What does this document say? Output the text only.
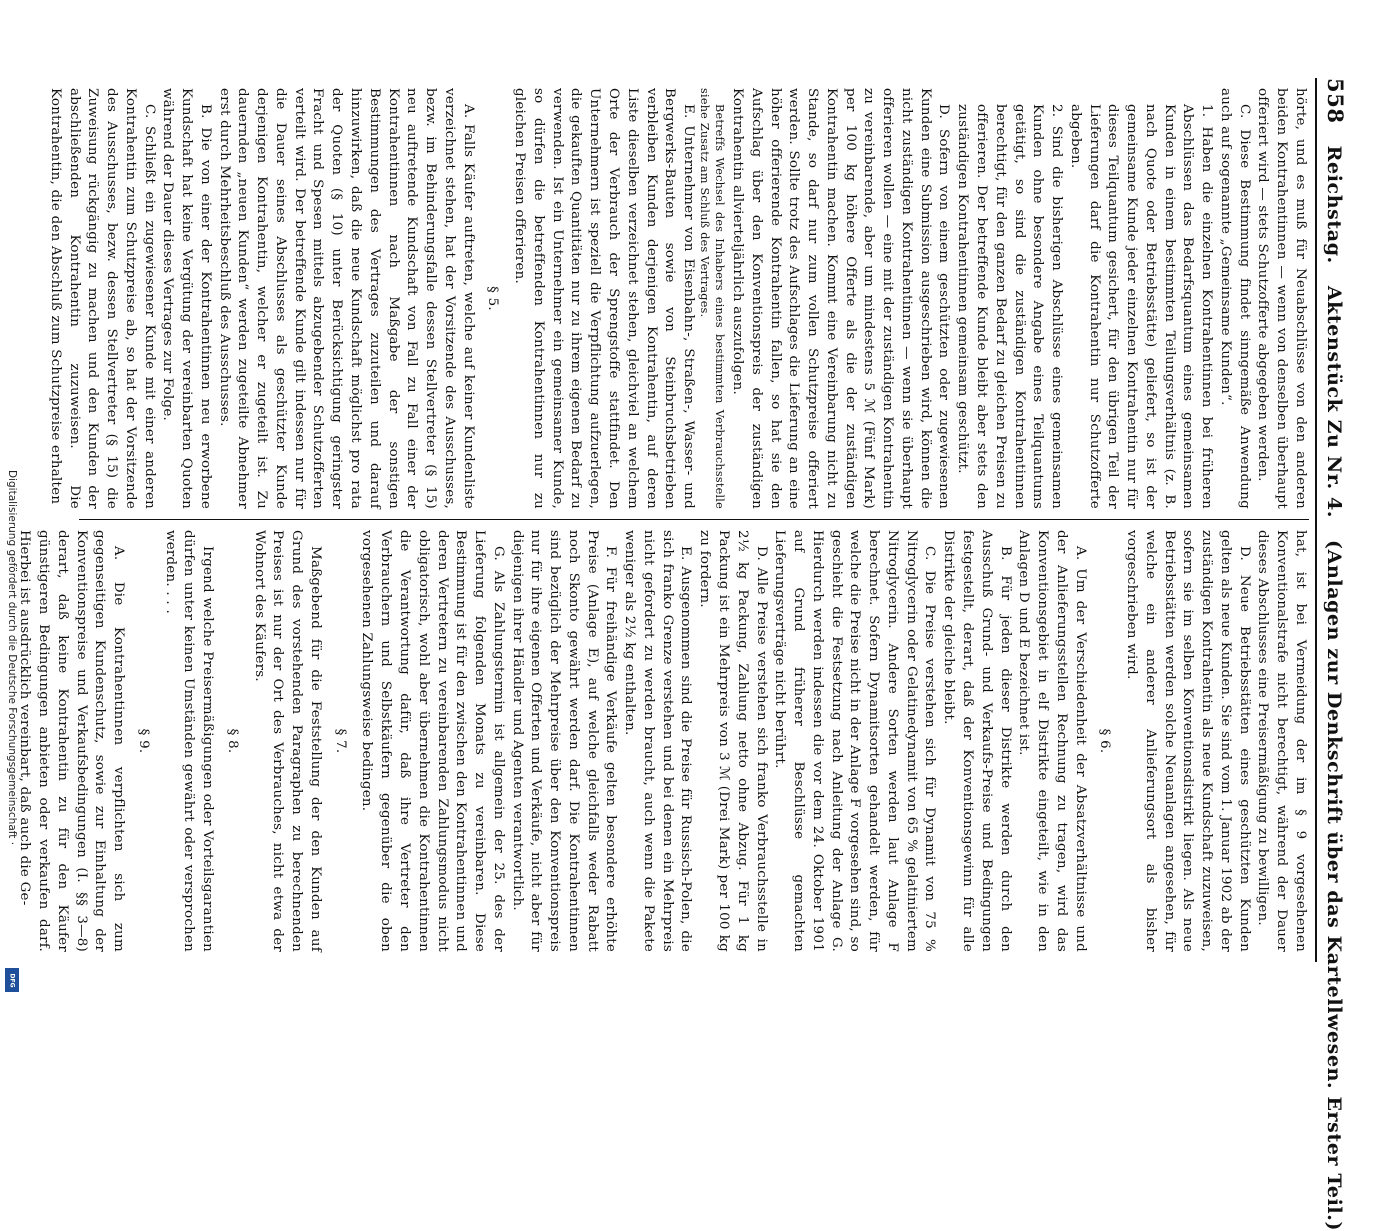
558
Reichstag.
Aktenstück Zu Nr. 4.
(Anlagen zur Denkschrift über das Kartellwesen. Erster Teil.)

hörte, und es muß für Neuabschlüsse von den anderen beiden Kontrahentinnen — wenn von denselben überhaupt offeriert wird — stets Schutzofferte abgegeben werden.

C. Diese Bestimmung findet sinngemäße Anwendung auch auf sogenannte „Gemeinsame Kunden“.

1. Haben die einzelnen Kontrahentinnen bei früheren Abschlüssen das Bedarfsquantum eines gemeinsamen Kunden in einem bestimmten Teilungsverhältnis (z. B. nach Quote oder Betriebsstätte) geliefert, so ist der gemeinsame Kunde jeder einzelnen Kontrahentin nur für dieses Teilquantum gesichert, für den übrigen Teil der Lieferungen darf die Kontrahentin nur Schutzofferte abgeben.

2. Sind die bisherigen Abschlüsse eines gemeinsamen Kunden ohne besondere Angabe eines Teilquantums getätigt, so sind die zuständigen Kontrahentinnen berechtigt, für den ganzen Bedarf zu gleichen Preisen zu offerieren. Der betreffende Kunde bleibt aber stets den zuständigen Kontrahentinnen gemeinsam geschützt.

D. Sofern von einem geschützten oder zugewiesenen Kunden eine Submission ausgeschrieben wird, können die nicht zuständigen Kontrahentinnen — wenn sie überhaupt offerieren wollen — eine mit der zuständigen Kontrahentin zu vereinbarende, aber um mindestens 5 ℳ (Fünf Mark) per 100 kg höhere Offerte als die der zuständigen Kontrahentin machen. Kommt eine Vereinbarung nicht zu Stande, so darf nur zum vollen Schutzpreise offeriert werden. Sollte trotz des Aufschlages die Lieferung an eine höher offerierende Kontrahentin fallen, so hat sie den Aufschlag über den Konventionspreis der zuständigen Kontrahentin allvierteljährlich auszufolgen.

Betreffs Wechsel des Inhabers eines bestimmten Verbrauchsstelle siehe Zusatz am Schluß des Vertrages.

E. Unternehmer von Eisenbahn-, Straßen-, Wasser- und Bergwerks-Bauten sowie von Steinbruchsbetrieben verbleiben Kunden derjenigen Kontrahentin, auf deren Liste dieselben verzeichnet stehen, gleichviel an welchem Orte der Verbrauch der Sprengstoffe stattfindet. Den Unternehmern ist speziell die Verpflichtung aufzuerlegen, die gekauften Quantitäten nur zu ihrem eigenen Bedarf zu verwenden. Ist ein Unternehmer ein gemeinsamer Kunde, so dürfen die betreffenden Kontrahentinnen nur zu gleichen Preisen offerieren.

§ 5.

A. Falls Käufer auftreten, welche auf keiner Kundenliste verzeichnet stehen, hat der Vorsitzende des Ausschusses, bezw. im Behinderungsfalle dessen Stellvertreter (§ 15) neu auftretende Kundschaft von Fall zu Fall einer der Kontrahentinnen nach Maßgabe der sonstigen Bestimmungen des Vertrages zuzuteilen und darauf hinzuwirken, daß die neue Kundschaft möglichst pro rata der Quoten (§ 10) unter Berücksichtigung geringster Fracht und Spesen mittels abzugebender Schutzofferten verteilt wird. Der betreffende Kunde gilt indessen nur für die Dauer seines Abschlusses als geschützter Kunde derjenigen Kontrahentin, welcher er zugeteilt ist. Zu dauernden „neuen Kunden“ werden zugeteilte Abnehmer erst durch Mehrheitsbeschluß des Ausschusses.

B. Die von einer der Kontrahentinnen neu erworbene Kundschaft hat keine Vergütung der vereinbarten Quoten während der Dauer dieses Vertrages zur Folge.

C. Schließt ein zugewiesener Kunde mit einer anderen Kontrahentin zum Schutzpreise ab, so hat der Vorsitzende des Ausschusses, bezw. dessen Stellvertreter (§ 15) die Zuweisung rückgängig zu machen und den Kunden der abschließenden Kontrahentin zuzuweisen. Die Kontrahentin, die den Abschluß zum Schutzpreise erhalten

hat, ist bei Vermeidung der im § 9 vorgesehenen Konventionalstrafe nicht berechtigt, während der Dauer dieses Abschlusses eine Preisermäßigung zu bewilligen.

D. Neue Betriebsstätten eines geschützten Kunden gelten als neue Kunden. Sie sind vom 1. Januar 1902 ab der zuständigen Kontrahentin als neue Kundschaft zuzuweisen, sofern sie im selben Konventionsdistrikt liegen. Als neue Betriebsstätten werden solche Neuanlagen angesehen, für welche ein anderer Anlieferungsort als bisher vorgeschrieben wird.

§ 6.

A. Um der Verschiedenheit der Absatzverhältnisse und der Anlieferungsstellen Rechnung zu tragen, wird das Konventionsgebiet in elf Distrikte eingeteilt, wie in den Anlagen D und E bezeichnet ist.

B. Für jeden dieser Distrikte werden durch den Ausschuß Grund- und Verkaufs-Preise und Bedingungen festgestellt, derart, daß der Konventionsgewinn für alle Distrikte der gleiche bleibt.

C. Die Preise verstehen sich für Dynamit von 75 % Nitroglycerin oder Gelatinedynamit von 65 % gelatiniertem Nitroglycerin. Andere Sorten werden laut Anlage F berechnet. Sofern Dynamitsorten gehandelt werden, für welche die Preise nicht in der Anlage F vorgesehen sind, so geschieht die Festsetzung nach Anleitung der Anlage G. Hierdurch werden indessen die vor dem 24. Oktober 1901 auf Grund früherer Beschlüsse gemachten Lieferungsverträge nicht berührt.

D. Alle Preise verstehen sich franko Verbrauchsstelle in 2½ kg Packung, Zahlung netto ohne Abzug. Für 1 kg Packung ist ein Mehrpreis von 3 ℳ (Drei Mark) per 100 kg zu fordern.

E. Ausgenommen sind die Preise für Russisch-Polen, die sich franko Grenze verstehen und bei denen ein Mehrpreis nicht gefordert zu werden braucht, auch wenn die Pakete weniger als 2½ kg enthalten.

F. Für freihändige Verkäufe gelten besondere erhöhte Preise (Anlage E), auf welche gleichfalls weder Rabatt noch Skonto gewährt werden darf. Die Kontrahentinnen sind bezüglich der Mehrpreise über den Konventionspreis nur für ihre eigenen Offerten und Verkäufe, nicht aber für diejenigen ihrer Händler und Agenten verantwortlich.

G. Als Zahlungstermin ist allgemein der 25. des der Lieferung folgenden Monats zu vereinbaren. Diese Bestimmung ist für den zwischen den Kontrahentinnen und deren Vertretern zu vereinbarenden Zahlungsmodus nicht obligatorisch, wohl aber übernehmen die Kontrahentinnen die Verantwortung dafür, daß ihre Vertreter den Verbrauchern und Selbstkäufern gegenüber die oben vorgesehenen Zahlungsweise bedingen.

§ 7.

Maßgebend für die Feststellung der den Kunden auf Grund des vorstehenden Paragraphen zu berechnenden Preises ist nur der Ort des Verbrauches, nicht etwa der Wohnort des Käufers.

§ 8.

Irgend welche Preisermäßigungen oder Vorteilsgarantien dürfen unter keinen Umständen gewährt oder versprochen werden. . . .

§ 9.

A. Die Kontrahentinnen verpflichten sich zum gegenseitigen Kundenschutz, sowie zur Einhaltung der Konventionspreise und Verkaufsbedingungen (I. §§ 3—8) derart, daß keine Kontrahentin zu für den Käufer günstigeren Bedingungen anbieten oder verkaufen darf. Hierbei ist ausdrücklich vereinbart, daß auch die Ge-

Digitalisierung gefördert durch die Deutsche Forschungsgemeinschaft ·
DFG
